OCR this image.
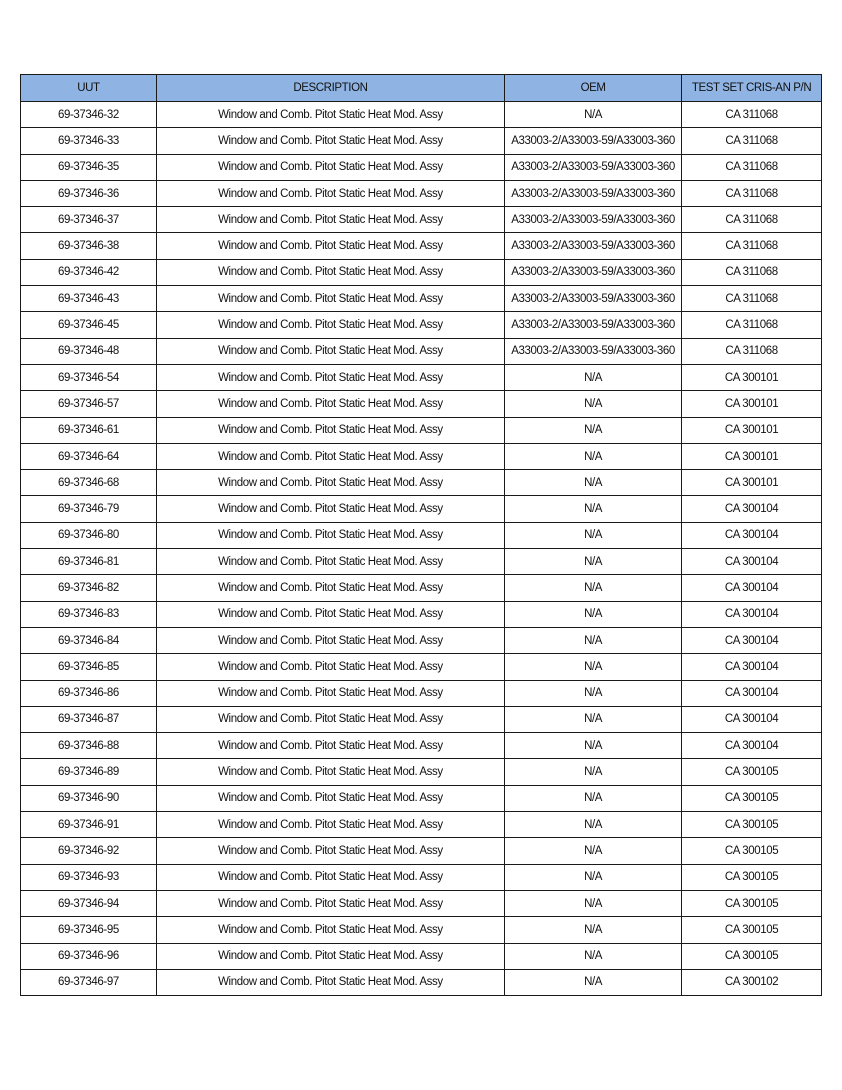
UUT	DESCRIPTION	OEM	TEST SET CRIS-AN P/N
69-37346-32	Window and Comb. Pitot Static Heat Mod. Assy	N/A	CA 311068
69-37346-33	Window and Comb. Pitot Static Heat Mod. Assy	A33003-2/A33003-59/A33003-360	CA 311068
69-37346-35	Window and Comb. Pitot Static Heat Mod. Assy	A33003-2/A33003-59/A33003-360	CA 311068
69-37346-36	Window and Comb. Pitot Static Heat Mod. Assy	A33003-2/A33003-59/A33003-360	CA 311068
69-37346-37	Window and Comb. Pitot Static Heat Mod. Assy	A33003-2/A33003-59/A33003-360	CA 311068
69-37346-38	Window and Comb. Pitot Static Heat Mod. Assy	A33003-2/A33003-59/A33003-360	CA 311068
69-37346-42	Window and Comb. Pitot Static Heat Mod. Assy	A33003-2/A33003-59/A33003-360	CA 311068
69-37346-43	Window and Comb. Pitot Static Heat Mod. Assy	A33003-2/A33003-59/A33003-360	CA 311068
69-37346-45	Window and Comb. Pitot Static Heat Mod. Assy	A33003-2/A33003-59/A33003-360	CA 311068
69-37346-48	Window and Comb. Pitot Static Heat Mod. Assy	A33003-2/A33003-59/A33003-360	CA 311068
69-37346-54	Window and Comb. Pitot Static Heat Mod. Assy	N/A	CA 300101
69-37346-57	Window and Comb. Pitot Static Heat Mod. Assy	N/A	CA 300101
69-37346-61	Window and Comb. Pitot Static Heat Mod. Assy	N/A	CA 300101
69-37346-64	Window and Comb. Pitot Static Heat Mod. Assy	N/A	CA 300101
69-37346-68	Window and Comb. Pitot Static Heat Mod. Assy	N/A	CA 300101
69-37346-79	Window and Comb. Pitot Static Heat Mod. Assy	N/A	CA 300104
69-37346-80	Window and Comb. Pitot Static Heat Mod. Assy	N/A	CA 300104
69-37346-81	Window and Comb. Pitot Static Heat Mod. Assy	N/A	CA 300104
69-37346-82	Window and Comb. Pitot Static Heat Mod. Assy	N/A	CA 300104
69-37346-83	Window and Comb. Pitot Static Heat Mod. Assy	N/A	CA 300104
69-37346-84	Window and Comb. Pitot Static Heat Mod. Assy	N/A	CA 300104
69-37346-85	Window and Comb. Pitot Static Heat Mod. Assy	N/A	CA 300104
69-37346-86	Window and Comb. Pitot Static Heat Mod. Assy	N/A	CA 300104
69-37346-87	Window and Comb. Pitot Static Heat Mod. Assy	N/A	CA 300104
69-37346-88	Window and Comb. Pitot Static Heat Mod. Assy	N/A	CA 300104
69-37346-89	Window and Comb. Pitot Static Heat Mod. Assy	N/A	CA 300105
69-37346-90	Window and Comb. Pitot Static Heat Mod. Assy	N/A	CA 300105
69-37346-91	Window and Comb. Pitot Static Heat Mod. Assy	N/A	CA 300105
69-37346-92	Window and Comb. Pitot Static Heat Mod. Assy	N/A	CA 300105
69-37346-93	Window and Comb. Pitot Static Heat Mod. Assy	N/A	CA 300105
69-37346-94	Window and Comb. Pitot Static Heat Mod. Assy	N/A	CA 300105
69-37346-95	Window and Comb. Pitot Static Heat Mod. Assy	N/A	CA 300105
69-37346-96	Window and Comb. Pitot Static Heat Mod. Assy	N/A	CA 300105
69-37346-97	Window and Comb. Pitot Static Heat Mod. Assy	N/A	CA 300102
